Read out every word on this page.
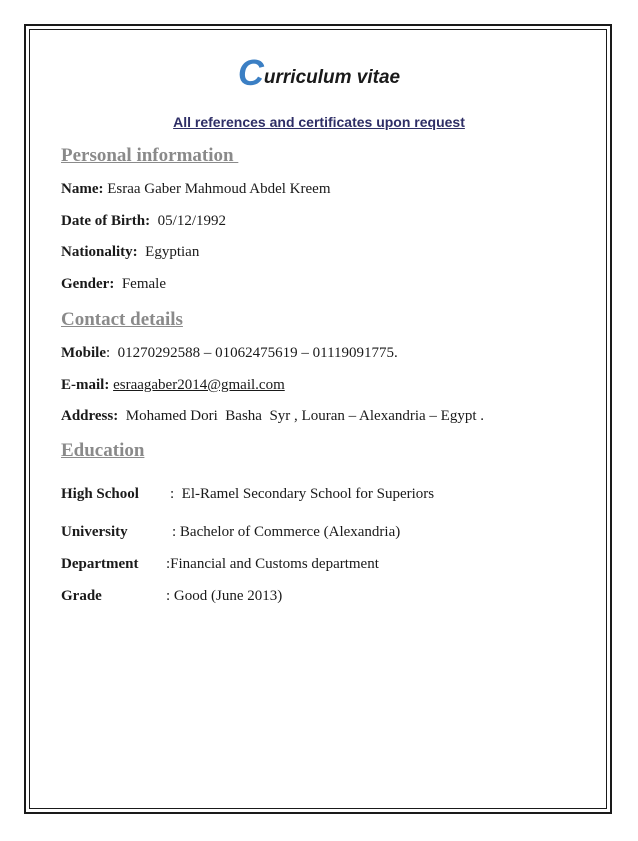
Curriculum vitae
All references and certificates upon request
Personal information
Name: Esraa Gaber Mahmoud Abdel Kreem
Date of Birth:  05/12/1992
Nationality:  Egyptian
Gender:  Female
Contact details
Mobile:  01270292588 – 01062475619 – 01119091775.
E-mail: esraagaber2014@gmail.com
Address:  Mohamed Dori  Basha  Syr , Louran – Alexandria – Egypt .
Education
High School :  El-Ramel Secondary School for Superiors
University	: Bachelor of Commerce (Alexandria)
Department :Financial and Customs department
Grade	: Good (June 2013)
